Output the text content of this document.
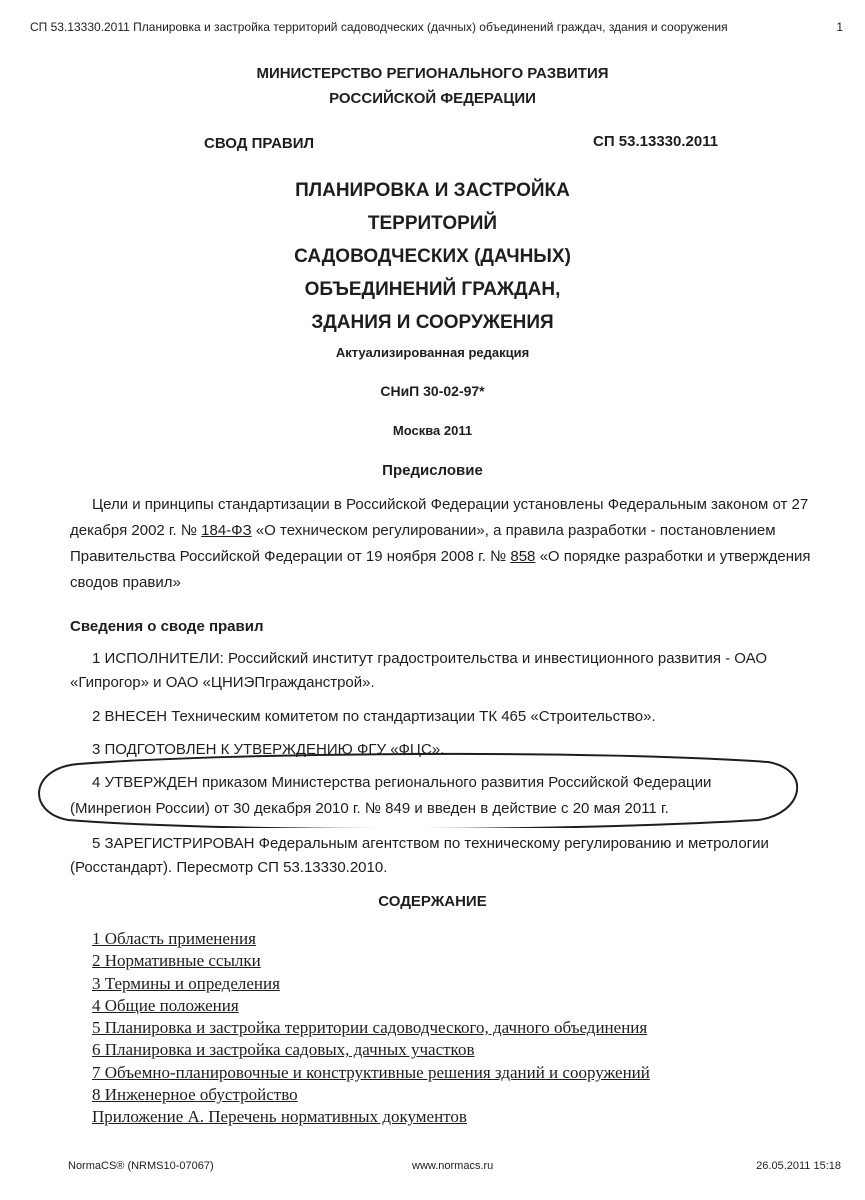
СП 53.13330.2011 Планировка и застройка территорий садоводческих (дачных) объединений граждач, здания и сооружения	1
МИНИСТЕРСТВО РЕГИОНАЛЬНОГО РАЗВИТИЯ
РОССИЙСКОЙ ФЕДЕРАЦИИ
СВОД ПРАВИЛ	СП 53.13330.2011
ПЛАНИРОВКА И ЗАСТРОЙКА
ТЕРРИТОРИЙ
САДОВОДЧЕСКИХ (ДАЧНЫХ)
ОБЪЕДИНЕНИЙ ГРАЖДАН,
ЗДАНИЯ И СООРУЖЕНИЯ
Актуализированная редакция
СНиП 30-02-97*
Москва 2011
Предисловие
Цели и принципы стандартизации в Российской Федерации установлены Федеральным законом от 27 декабря 2002 г. № 184-ФЗ «О техническом регулировании», а правила разработки - постановлением Правительства Российской Федерации от 19 ноября 2008 г. № 858 «О порядке разработки и утверждения сводов правил»
Сведения о своде правил
1 ИСПОЛНИТЕЛИ: Российский институт градостроительства и инвестиционного развития - ОАО
«Гипрогор» и ОАО «ЦНИЭПгражданстрой».
2 ВНЕСЕН Техническим комитетом по стандартизации ТК 465 «Строительство».
3 ПОДГОТОВЛЕН К УТВЕРЖДЕНИЮ ФГУ «ФЦС».
4 УТВЕРЖДЕН приказом Министерства регионального развития Российской Федерации
(Минрегион России) от 30 декабря 2010 г. № 849 и введен в действие с 20 мая 2011 г.
5 ЗАРЕГИСТРИРОВАН Федеральным агентством по техническому регулированию и метрологии
(Росстандарт). Пересмотр СП 53.13330.2010.
СОДЕРЖАНИЕ
1 Область применения
2 Нормативные ссылки
3 Термины и определения
4 Общие положения
5 Планировка и застройка территории садоводческого, дачного объединения
6 Планировка и застройка садовых, дачных участков
7 Объемно-планировочные и конструктивные решения зданий и сооружений
8 Инженерное обустройство
Приложение А. Перечень нормативных документов
NormaCS® (NRMS10-07067)	www.normacs.ru	26.05.2011 15:18
